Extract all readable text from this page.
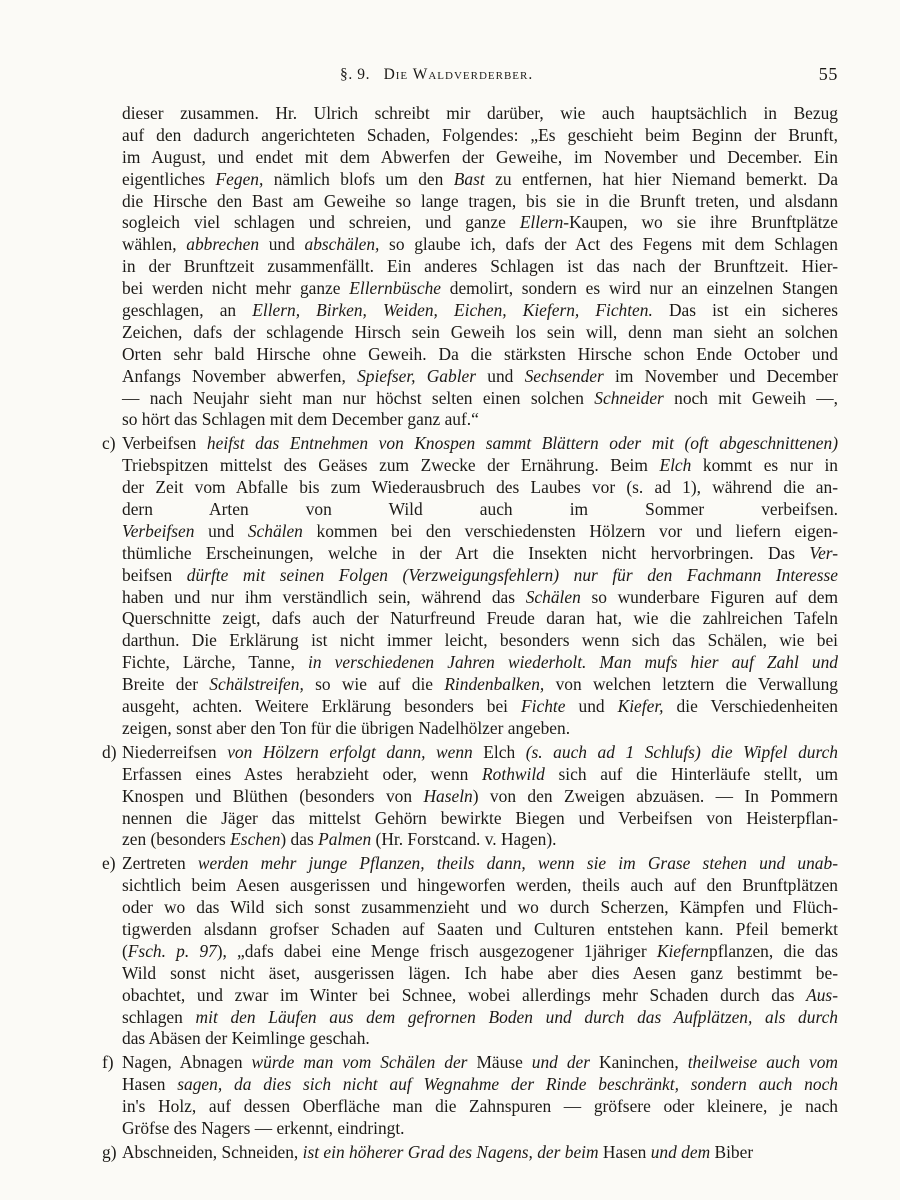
§. 9. Die Waldverderber.	55
dieser zusammen. Hr. Ulrich schreibt mir darüber, wie auch hauptsächlich in Bezug
auf den dadurch angerichteten Schaden, Folgendes: „Es geschieht beim Beginn der Brunft,
im August, und endet mit dem Abwerfen der Geweihe, im November und December. Ein
eigentliches Fegen, nämlich blofs um den Bast zu entfernen, hat hier Niemand bemerkt. Da
die Hirsche den Bast am Geweihe so lange tragen, bis sie in die Brunft treten, und alsdann
sogleich viel schlagen und schreien, und ganze Ellern-Kaupen, wo sie ihre Brunftplätze
wählen, abbrechen und abschälen, so glaube ich, dafs der Act des Fegens mit dem Schlagen
in der Brunftzeit zusammenfällt. Ein anderes Schlagen ist das nach der Brunftzeit. Hier-
bei werden nicht mehr ganze Ellernbüsche demolirt, sondern es wird nur an einzelnen Stangen
geschlagen, an Ellern, Birken, Weiden, Eichen, Kiefern, Fichten. Das ist ein sicheres
Zeichen, dafs der schlagende Hirsch sein Geweih los sein will, denn man sieht an solchen
Orten sehr bald Hirsche ohne Geweih. Da die stärksten Hirsche schon Ende October und
Anfangs November abwerfen, Spiefser, Gabler und Sechsender im November und December
— nach Neujahr sieht man nur höchst selten einen solchen Schneider noch mit Geweih —,
so hört das Schlagen mit dem December ganz auf.“
c) Verbeifsen heifst das Entnehmen von Knospen sammt Blättern oder mit (oft abgeschnittenen)
Triebspitzen mittelst des Geäses zum Zwecke der Ernährung. Beim Elch kommt es nur in
der Zeit vom Abfalle bis zum Wiederausbruch des Laubes vor (s. ad 1), während die an-
dern Arten von Wild auch im Sommer verbeifsen.
Verbeifsen und Schälen kommen bei den verschiedensten Hölzern vor und liefern eigen-
thümliche Erscheinungen, welche in der Art die Insekten nicht hervorbringen. Das Ver-
beifsen dürfte mit seinen Folgen (Verzweigungsfehlern) nur für den Fachmann Interesse
haben und nur ihm verständlich sein, während das Schälen so wunderbare Figuren auf dem
Querschnitte zeigt, dafs auch der Naturfreund Freude daran hat, wie die zahlreichen Tafeln
darthun. Die Erklärung ist nicht immer leicht, besonders wenn sich das Schälen, wie bei
Fichte, Lärche, Tanne, in verschiedenen Jahren wiederholt. Man mufs hier auf Zahl und
Breite der Schälstreifen, so wie auf die Rindenbalken, von welchen letztern die Verwallung
ausgeht, achten. Weitere Erklärung besonders bei Fichte und Kiefer, die Verschiedenheiten
zeigen, sonst aber den Ton für die übrigen Nadelhölzer angeben.
d) Niederreifsen von Hölzern erfolgt dann, wenn Elch (s. auch ad 1 Schlufs) die Wipfel durch
Erfassen eines Astes herabzieht oder, wenn Rothwild sich auf die Hinterläufe stellt, um
Knospen und Blüthen (besonders von Haseln) von den Zweigen abzuäsen. — In Pommern
nennen die Jäger das mittelst Gehörn bewirkte Biegen und Verbeifsen von Heisterpflan-
zen (besonders Eschen) das Palmen (Hr. Forstcand. v. Hagen).
e) Zertreten werden mehr junge Pflanzen, theils dann, wenn sie im Grase stehen und unab-
sichtlich beim Aesen ausgerissen und hingeworfen werden, theils auch auf den Brunftplätzen
oder wo das Wild sich sonst zusammenzieht und wo durch Scherzen, Kämpfen und Flüch-
tigwerden alsdann grofser Schaden auf Saaten und Culturen entstehen kann. Pfeil bemerkt
(Fsch. p. 97), „dafs dabei eine Menge frisch ausgezogener 1jähriger Kiefernpflanzen, die das
Wild sonst nicht äset, ausgerissen lägen. Ich habe aber dies Aesen ganz bestimmt be-
obachtet, und zwar im Winter bei Schnee, wobei allerdings mehr Schaden durch das Aus-
schlagen mit den Läufen aus dem gefrornen Boden und durch das Aufplätzen, als durch
das Abäsen der Keimlinge geschah.
f) Nagen, Abnagen würde man vom Schälen der Mäuse und der Kaninchen, theilweise auch vom
Hasen sagen, da dies sich nicht auf Wegnahme der Rinde beschränkt, sondern auch noch
in's Holz, auf dessen Oberfläche man die Zahnspuren — gröfsere oder kleinere, je nach
Gröfse des Nagers — erkennt, eindringt.
g) Abschneiden, Schneiden, ist ein höherer Grad des Nagens, der beim Hasen und dem Biber
